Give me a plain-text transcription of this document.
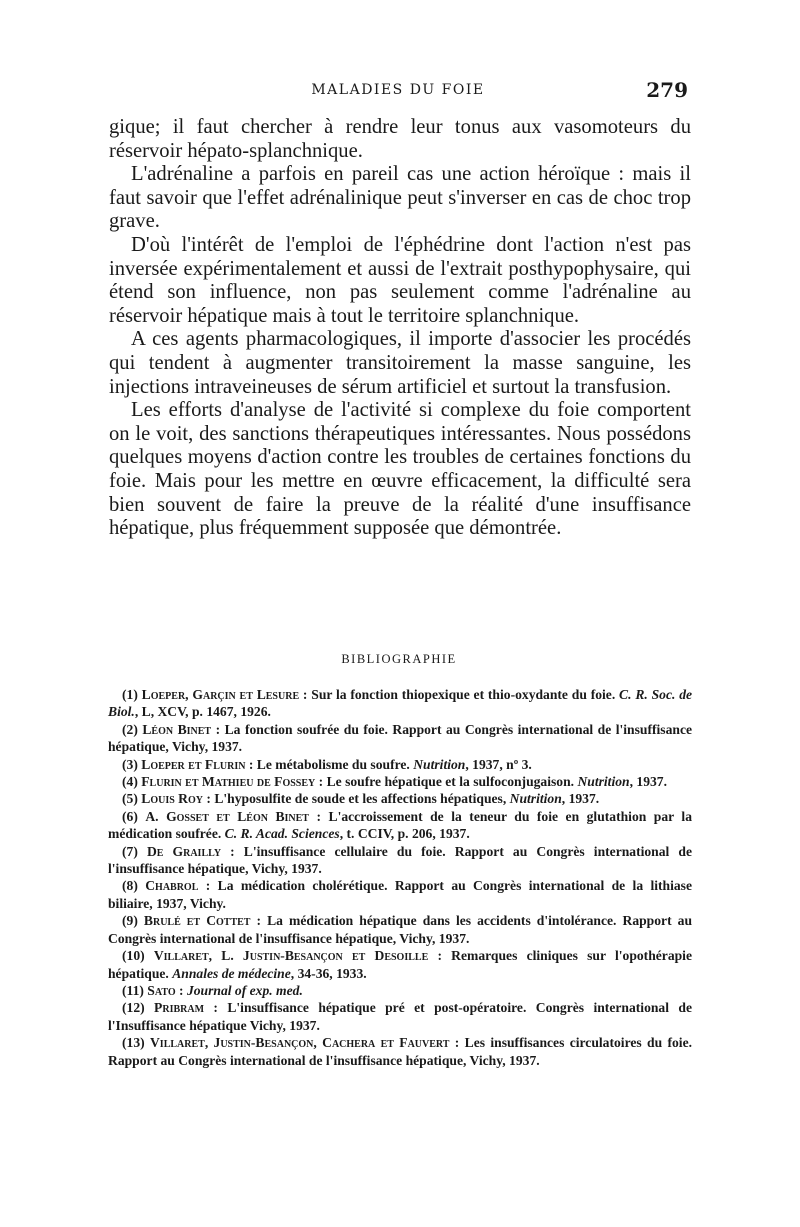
MALADIES DU FOIE	279

gique; il faut chercher à rendre leur tonus aux vasomoteurs du réservoir hépato-splanchnique.

L'adrénaline a parfois en pareil cas une action héroïque : mais il faut savoir que l'effet adrénalinique peut s'inverser en cas de choc trop grave.

D'où l'intérêt de l'emploi de l'éphédrine dont l'action n'est pas inversée expérimentalement et aussi de l'extrait posthypophysaire, qui étend son influence, non pas seulement comme l'adrénaline au réservoir hépatique mais à tout le territoire splanchnique.

A ces agents pharmacologiques, il importe d'associer les procédés qui tendent à augmenter transitoirement la masse sanguine, les injections intraveineuses de sérum artificiel et surtout la transfusion.

Les efforts d'analyse de l'activité si complexe du foie comportent on le voit, des sanctions thérapeutiques intéressantes. Nous possédons quelques moyens d'action contre les troubles de certaines fonctions du foie. Mais pour les mettre en œuvre efficacement, la difficulté sera bien souvent de faire la preuve de la réalité d'une insuffisance hépatique, plus fréquemment supposée que démontrée.

BIBLIOGRAPHIE

(1) Loeper, Garçin et Lesure : Sur la fonction thiopexique et thio-oxydante du foie. C. R. Soc. de Biol., L, XCV, p. 1467, 1926.

(2) Léon Binet : La fonction soufrée du foie. Rapport au Congrès international de l'insuffisance hépatique, Vichy, 1937.

(3) Loeper et Flurin : Le métabolisme du soufre. Nutrition, 1937, nº 3.

(4) Flurin et Mathieu de Fossey : Le soufre hépatique et la sulfoconjugaison. Nutrition, 1937.

(5) Louis Roy : L'hyposulfite de soude et les affections hépatiques, Nutrition, 1937.

(6) A. Gosset et Léon Binet : L'accroissement de la teneur du foie en glutathion par la médication soufrée. C. R. Acad. Sciences, t. CCIV, p. 206, 1937.

(7) De Grailly : L'insuffisance cellulaire du foie. Rapport au Congrès international de l'insuffisance hépatique, Vichy, 1937.

(8) Chabrol : La médication cholérétique. Rapport au Congrès international de la lithiase biliaire, 1937, Vichy.

(9) Brulé et Cottet : La médication hépatique dans les accidents d'intolérance. Rapport au Congrès international de l'insuffisance hépatique, Vichy, 1937.

(10) Villaret, L. Justin-Besançon et Desoille : Remarques cliniques sur l'opothérapie hépatique. Annales de médecine, 34-36, 1933.

(11) Sato : Journal of exp. med.

(12) Pribram : L'insuffisance hépatique pré et post-opératoire. Congrès international de l'Insuffisance hépatique Vichy, 1937.

(13) Villaret, Justin-Besançon, Cachera et Fauvert : Les insuffisances circulatoires du foie. Rapport au Congrès international de l'insuffisance hépatique, Vichy, 1937.
